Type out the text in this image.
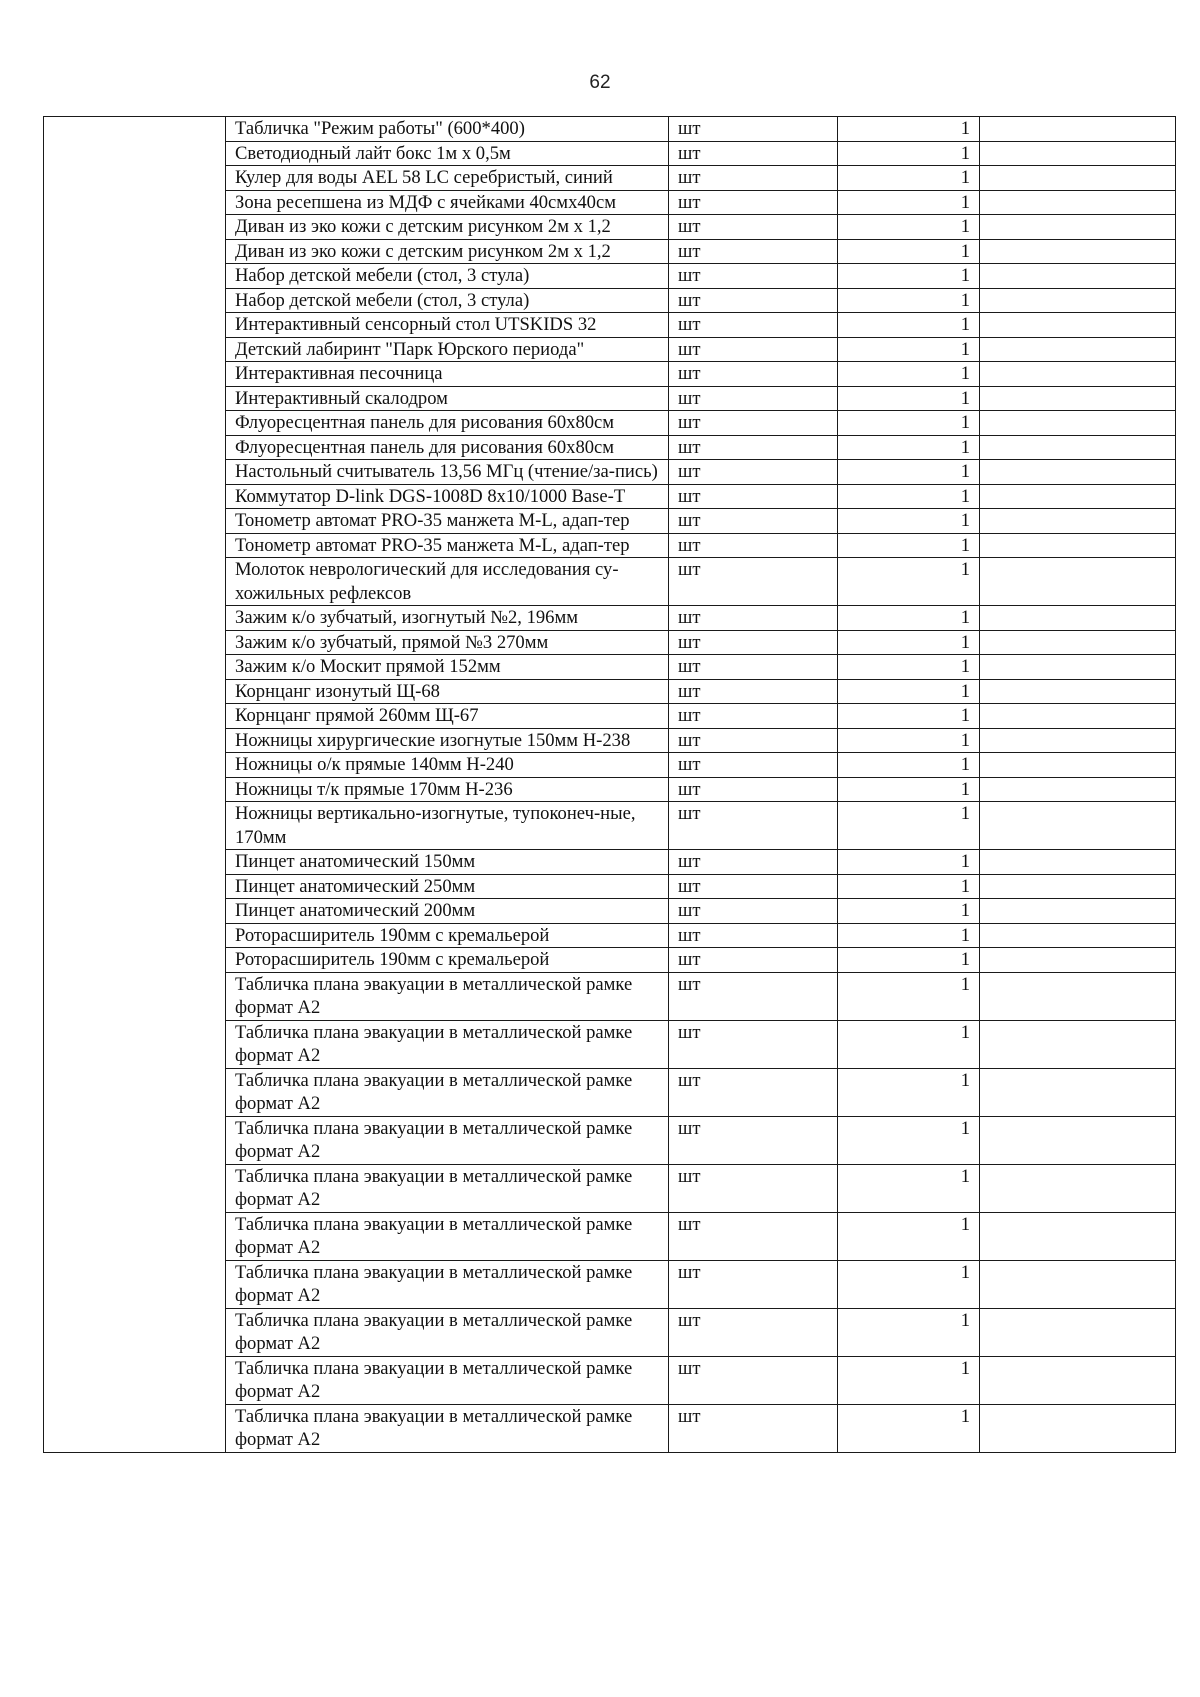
62
	Табличка "Режим работы" (600*400)	шт	1	
	Светодиодный лайт бокс 1м х 0,5м	шт	1	
	Кулер для воды AEL 58 LC серебристый, синий	шт	1	
	Зона ресепшена из МДФ с ячейками 40смх40см	шт	1	
	Диван из эко кожи с детским рисунком 2м х 1,2	шт	1	
	Диван из эко кожи с детским рисунком 2м х 1,2	шт	1	
	Набор детской мебели (стол, 3 стула)	шт	1	
	Набор детской мебели (стол, 3 стула)	шт	1	
	Интерактивный сенсорный стол UTSKIDS 32	шт	1	
	Детский лабиринт "Парк Юрского периода"	шт	1	
	Интерактивная песочница	шт	1	
	Интерактивный скалодром	шт	1	
	Флуоресцентная панель для рисования 60х80см	шт	1	
	Флуоресцентная панель для рисования 60х80см	шт	1	
	Настольный считыватель 13,56 МГц (чтение/за-пись)	шт	1	
	Коммутатор D-link DGS-1008D 8x10/1000 Base-T	шт	1	
	Тонометр автомат PRO-35 манжета M-L, адап-тер	шт	1	
	Тонометр автомат PRO-35 манжета M-L, адап-тер	шт	1	
	Молоток неврологический для исследования су-хожильных рефлексов	шт	1	
	Зажим к/о зубчатый, изогнутый №2, 196мм	шт	1	
	Зажим к/о зубчатый, прямой №3 270мм	шт	1	
	Зажим к/о Москит прямой 152мм	шт	1	
	Корнцанг изонутый Щ-68	шт	1	
	Корнцанг прямой 260мм Щ-67	шт	1	
	Ножницы хирургические изогнутые 150мм Н-238	шт	1	
	Ножницы о/к прямые 140мм Н-240	шт	1	
	Ножницы т/к прямые 170мм Н-236	шт	1	
	Ножницы вертикально-изогнутые, тупоконеч-ные, 170мм	шт	1	
	Пинцет анатомический 150мм	шт	1	
	Пинцет анатомический 250мм	шт	1	
	Пинцет анатомический 200мм	шт	1	
	Роторасширитель 190мм с кремальерой	шт	1	
	Роторасширитель 190мм с кремальерой	шт	1	
	Табличка плана эвакуации в металлической рамке формат А2	шт	1	
	Табличка плана эвакуации в металлической рамке формат А2	шт	1	
	Табличка плана эвакуации в металлической рамке формат А2	шт	1	
	Табличка плана эвакуации в металлической рамке формат А2	шт	1	
	Табличка плана эвакуации в металлической рамке формат А2	шт	1	
	Табличка плана эвакуации в металлической рамке формат А2	шт	1	
	Табличка плана эвакуации в металлической рамке формат А2	шт	1	
	Табличка плана эвакуации в металлической рамке формат А2	шт	1	
	Табличка плана эвакуации в металлической рамке формат А2	шт	1	
	Табличка плана эвакуации в металлической рамке формат А2	шт	1	
